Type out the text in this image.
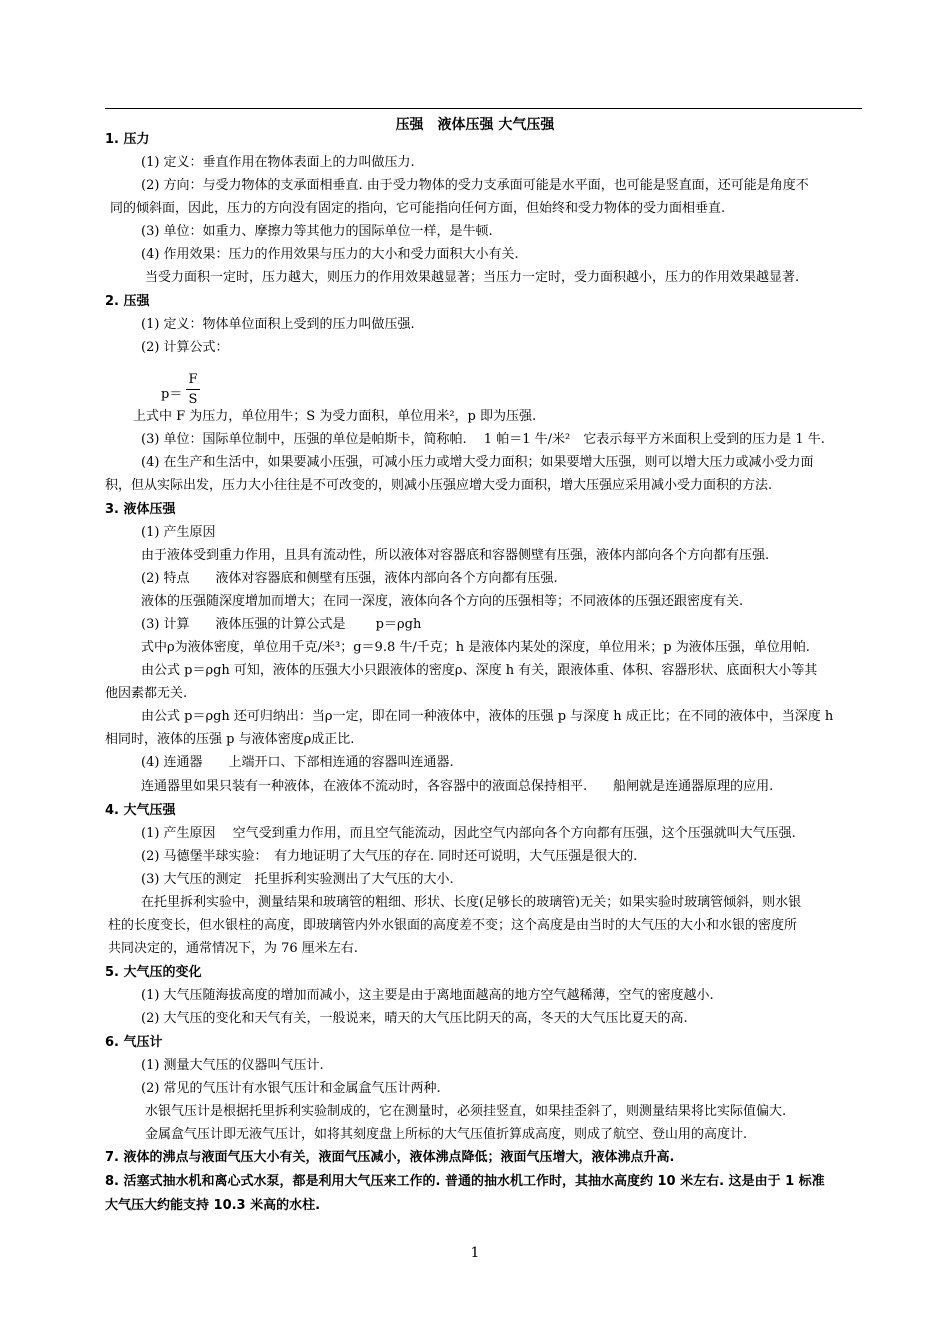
压强　液体压强 大气压强
1. 压力
(1) 定义：垂直作用在物体表面上的力叫做压力.
(2) 方向：与受力物体的支承面相垂直. 由于受力物体的受力支承面可能是水平面，也可能是竖直面，还可能是角度不
同的倾斜面，因此，压力的方向没有固定的指向，它可能指向任何方面，但始终和受力物体的受力面相垂直.
(3) 单位：如重力、摩擦力等其他力的国际单位一样，是牛顿.
(4) 作用效果：压力的作用效果与压力的大小和受力面积大小有关.
当受力面积一定时，压力越大，则压力的作用效果越显著；当压力一定时，受力面积越小，压力的作用效果越显著.
2. 压强
(1) 定义：物体单位面积上受到的压力叫做压强.
(2) 计算公式：
上式中 F 为压力，单位用牛；S 为受力面积，单位用米²，p 即为压强.
(3) 单位：国际单位制中，压强的单位是帕斯卡，简称帕.　 1 帕＝1 牛/米²　它表示每平方米面积上受到的压力是 1 牛.
(4) 在生产和生活中，如果要减小压强，可减小压力或增大受力面积；如果要增大压强，则可以增大压力或减小受力面
积，但从实际出发，压力大小往往是不可改变的，则减小压强应增大受力面积，增大压强应采用减小受力面积的方法.
3. 液体压强
(1) 产生原因
由于液体受到重力作用，且具有流动性，所以液体对容器底和容器侧壁有压强，液体内部向各个方向都有压强.
(2) 特点　　液体对容器底和侧壁有压强，液体内部向各个方向都有压强.
液体的压强随深度增加而增大；在同一深度，液体向各个方向的压强相等；不同液体的压强还跟密度有关.
(3) 计算　　液体压强的计算公式是　　 p＝ρgh
式中ρ为液体密度，单位用千克/米³；g＝9.8 牛/千克；h 是液体内某处的深度，单位用米；p 为液体压强，单位用帕.
由公式 p＝ρgh 可知，液体的压强大小只跟液体的密度ρ、深度 h 有关，跟液体重、体积、容器形状、底面积大小等其
他因素都无关.
由公式 p＝ρgh 还可归纳出：当ρ一定，即在同一种液体中，液体的压强 p 与深度 h 成正比；在不同的液体中，当深度 h
相同时，液体的压强 p 与液体密度ρ成正比.
(4) 连通器　　上端开口、下部相连通的容器叫连通器.
连通器里如果只装有一种液体，在液体不流动时，各容器中的液面总保持相平.　　船闸就是连通器原理的应用.
4. 大气压强
(1) 产生原因　 空气受到重力作用，而且空气能流动，因此空气内部向各个方向都有压强，这个压强就叫大气压强.
(2) 马德堡半球实验：　有力地证明了大气压的存在. 同时还可说明，大气压强是很大的.
(3) 大气压的测定　托里拆利实验测出了大气压的大小.
在托里拆利实验中，测量结果和玻璃管的粗细、形状、长度(足够长的玻璃管)无关；如果实验时玻璃管倾斜，则水银
柱的长度变长，但水银柱的高度，即玻璃管内外水银面的高度差不变；这个高度是由当时的大气压的大小和水银的密度所
共同决定的，通常情况下，为 76 厘米左右.
5. 大气压的变化
(1) 大气压随海拔高度的增加而减小，这主要是由于离地面越高的地方空气越稀薄，空气的密度越小.
(2) 大气压的变化和天气有关，一般说来，晴天的大气压比阴天的高，冬天的大气压比夏天的高.
6. 气压计
(1) 测量大气压的仪器叫气压计.
(2) 常见的气压计有水银气压计和金属盒气压计两种.
水银气压计是根据托里拆利实验制成的，它在测量时，必须挂竖直，如果挂歪斜了，则测量结果将比实际值偏大.
金属盒气压计即无液气压计，如将其刻度盘上所标的大气压值折算成高度，则成了航空、登山用的高度计.
7. 液体的沸点与液面气压大小有关，液面气压减小，液体沸点降低；液面气压增大，液体沸点升高.
8. 活塞式抽水机和离心式水泵，都是利用大气压来工作的. 普通的抽水机工作时，其抽水高度约 10 米左右. 这是由于 1 标准
大气压大约能支持 10.3 米高的水柱.
p＝
F
S
1
